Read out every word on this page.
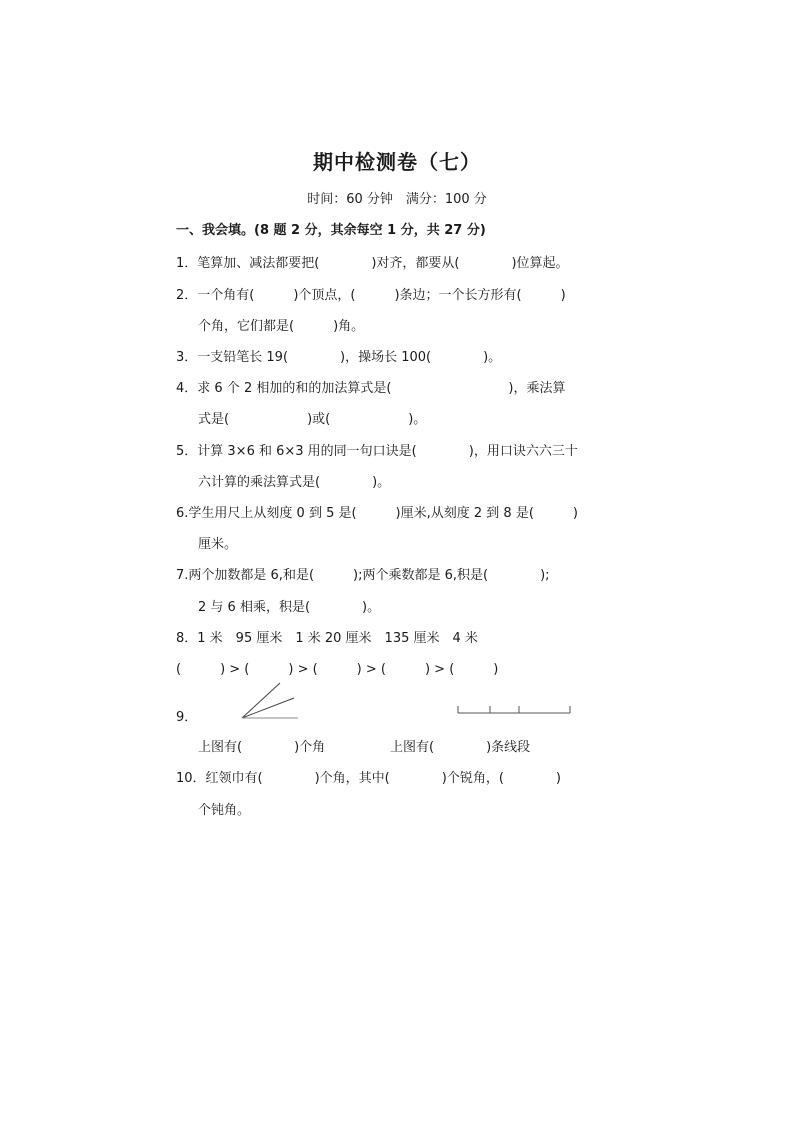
期中检测卷（七）
时间：60 分钟　满分：100 分
一、我会填。(8 题 2 分，其余每空 1 分，共 27 分)
1．笔算加、减法都要把(　　　　)对齐，都要从(　　　　)位算起。
2．一个角有(　　　)个顶点，(　　　)条边；一个长方形有(　　　)
个角，它们都是(　　　)角。
3．一支铅笔长 19(　　　　)，操场长 100(　　　　)。
4．求 6 个 2 相加的和的加法算式是(　　　　　　　　　)，乘法算
式是(　　　　　　)或(　　　　　　)。
5．计算 3×6 和 6×3 用的同一句口诀是(　　　　)，用口诀六六三十
六计算的乘法算式是(　　　　)。
6.学生用尺上从刻度 0 到 5 是(　　　)厘米,从刻度 2 到 8 是(　　　)
厘米。
7.两个加数都是 6,和是(　　　);两个乘数都是 6,积是(　　　　);
2 与 6 相乘，积是(　　　　)。
8．1 米　95 厘米　1 米 20 厘米　135 厘米　4 米
(　　　) > (　　　) > (　　　) > (　　　) > (　　　)
9．
上图有(　　　　)个角	上图有(　　　　)条线段
10．红领巾有(　　　　)个角，其中(　　　　)个锐角，(　　　　)
个钝角。
